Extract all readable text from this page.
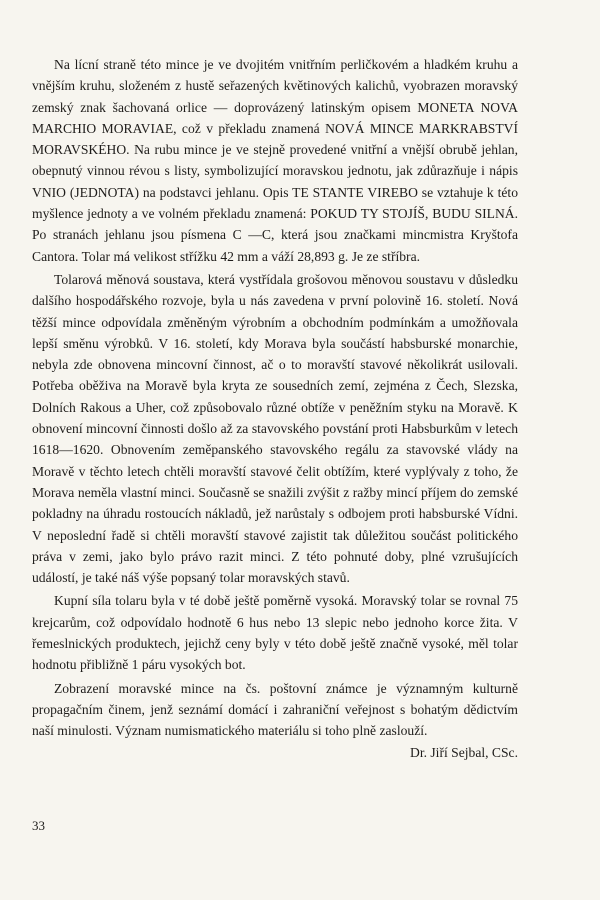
Na lícní straně této mince je ve dvojitém vnitřním perličkovém a hladkém kruhu a vnějším kruhu, složeném z hustě seřazených květinových kalichů, vyobrazen moravský zemský znak šachovaná orlice — doprovázený latinským opisem MONETA NOVA MARCHIO MORAVIAE, což v překladu znamená NOVÁ MINCE MARKRABSTVÍ MORAVSKÉHO. Na rubu mince je ve stejně provedené vnitřní a vnější obrubě jehlan, obepnutý vinnou révou s listy, symbolizující moravskou jednotu, jak zdůrazňuje i nápis VNIO (JEDNOTA) na podstavci jehlanu. Opis TE STANTE VIREBO se vztahuje k této myšlence jednoty a ve volném překladu znamená: POKUD TY STOJÍŠ, BUDU SILNÁ. Po stranách jehlanu jsou písmena C —C, která jsou značkami mincmistra Kryštofa Cantora. Tolar má velikost střížku 42 mm a váží 28,893 g. Je ze stříbra.

Tolarová měnová soustava, která vystřídala grošovou měnovou soustavu v důsledku dalšího hospodářského rozvoje, byla u nás zavedena v první polovině 16. století. Nová těžší mince odpovídala změněným výrobním a obchodním podmínkám a umožňovala lepší směnu výrobků. V 16. století, kdy Morava byla součástí habsburské monarchie, nebyla zde obnovena mincovní činnost, ač o to moravští stavové několikrát usilovali. Potřeba oběživa na Moravě byla kryta ze sousedních zemí, zejména z Čech, Slezska, Dolních Rakous a Uher, což způsobovalo různé obtíže v peněžním styku na Moravě. K obnovení mincovní činnosti došlo až za stavovského povstání proti Habsburkům v letech 1618—1620. Obnovením zeměpanského stavovského regálu za stavovské vlády na Moravě v těchto letech chtěli moravští stavové čelit obtížím, které vyplývaly z toho, že Morava neměla vlastní minci. Současně se snažili zvýšit z ražby mincí příjem do zemské pokladny na úhradu rostoucích nákladů, jež narůstaly s odbojem proti habsburské Vídni. V neposlední řadě si chtěli moravští stavové zajistit tak důležitou součást politického práva v zemi, jako bylo právo razit minci. Z této pohnuté doby, plné vzrušujících událostí, je také náš výše popsaný tolar moravských stavů.

Kupní síla tolaru byla v té době ještě poměrně vysoká. Moravský tolar se rovnal 75 krejcarům, což odpovídalo hodnotě 6 hus nebo 13 slepic nebo jednoho korce žita. V řemeslnických produktech, jejichž ceny byly v této době ještě značně vysoké, měl tolar hodnotu přibližně 1 páru vysokých bot.

Zobrazení moravské mince na čs. poštovní známce je významným kulturně propagačním činem, jenž seznámí domácí i zahraniční veřejnost s bohatým dědictvím naší minulosti. Význam numismatického materiálu si toho plně zaslouží.

Dr. Jiří Sejbal, CSc.

33
